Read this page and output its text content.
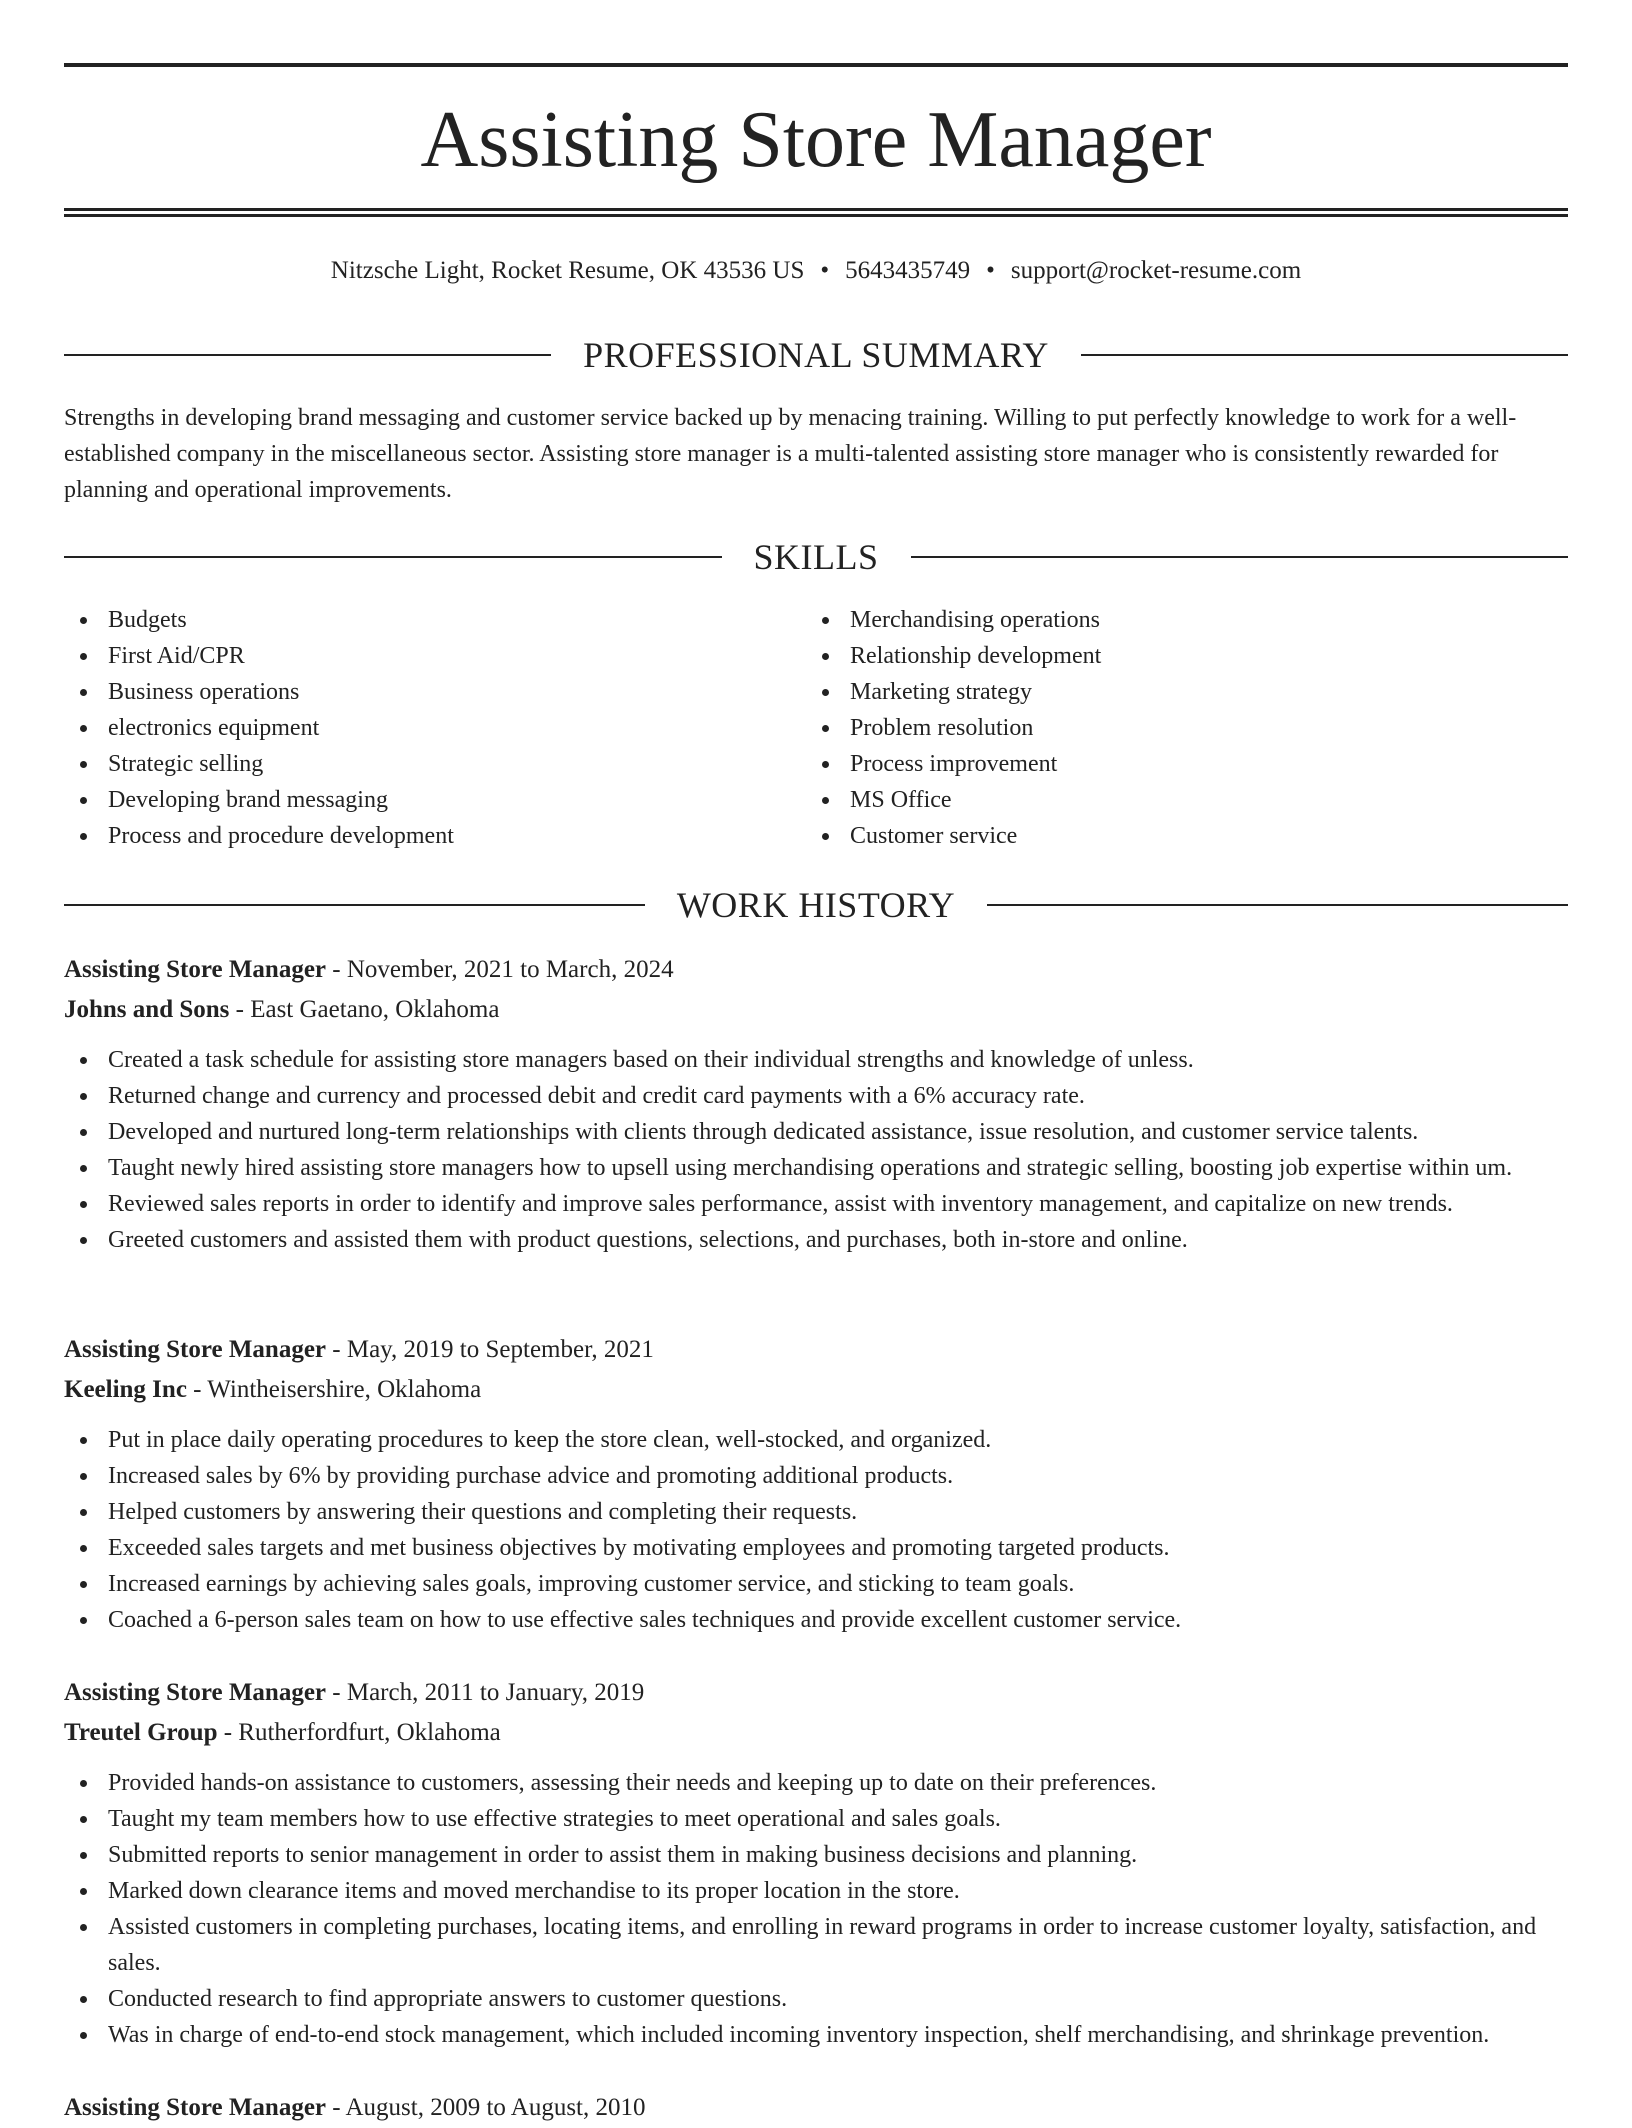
Assisting Store Manager
Nitzsche Light, Rocket Resume, OK 43536 US • 5643435749 • support@rocket-resume.com
PROFESSIONAL SUMMARY

Strengths in developing brand messaging and customer service backed up by menacing training. Willing to put perfectly knowledge to work for a well-established company in the miscellaneous sector. Assisting store manager is a multi-talented assisting store manager who is consistently rewarded for planning and operational improvements.

SKILLS
Budgets
First Aid/CPR
Business operations
electronics equipment
Strategic selling
Developing brand messaging
Process and procedure development
Merchandising operations
Relationship development
Marketing strategy
Problem resolution
Process improvement
MS Office
Customer service
WORK HISTORY
Assisting Store Manager - November, 2021 to March, 2024
Johns and Sons - East Gaetano, Oklahoma
Created a task schedule for assisting store managers based on their individual strengths and knowledge of unless.
Returned change and currency and processed debit and credit card payments with a 6% accuracy rate.
Developed and nurtured long-term relationships with clients through dedicated assistance, issue resolution, and customer service talents.
Taught newly hired assisting store managers how to upsell using merchandising operations and strategic selling, boosting job expertise within um.
Reviewed sales reports in order to identify and improve sales performance, assist with inventory management, and capitalize on new trends.
Greeted customers and assisted them with product questions, selections, and purchases, both in-store and online.
Assisting Store Manager - May, 2019 to September, 2021
Keeling Inc - Wintheisershire, Oklahoma
Put in place daily operating procedures to keep the store clean, well-stocked, and organized.
Increased sales by 6% by providing purchase advice and promoting additional products.
Helped customers by answering their questions and completing their requests.
Exceeded sales targets and met business objectives by motivating employees and promoting targeted products.
Increased earnings by achieving sales goals, improving customer service, and sticking to team goals.
Coached a 6-person sales team on how to use effective sales techniques and provide excellent customer service.
Assisting Store Manager - March, 2011 to January, 2019
Treutel Group - Rutherfordfurt, Oklahoma
Provided hands-on assistance to customers, assessing their needs and keeping up to date on their preferences.
Taught my team members how to use effective strategies to meet operational and sales goals.
Submitted reports to senior management in order to assist them in making business decisions and planning.
Marked down clearance items and moved merchandise to its proper location in the store.
Assisted customers in completing purchases, locating items, and enrolling in reward programs in order to increase customer loyalty, satisfaction, and sales.
Conducted research to find appropriate answers to customer questions.
Was in charge of end-to-end stock management, which included incoming inventory inspection, shelf merchandising, and shrinkage prevention.
Assisting Store Manager - August, 2009 to August, 2010
